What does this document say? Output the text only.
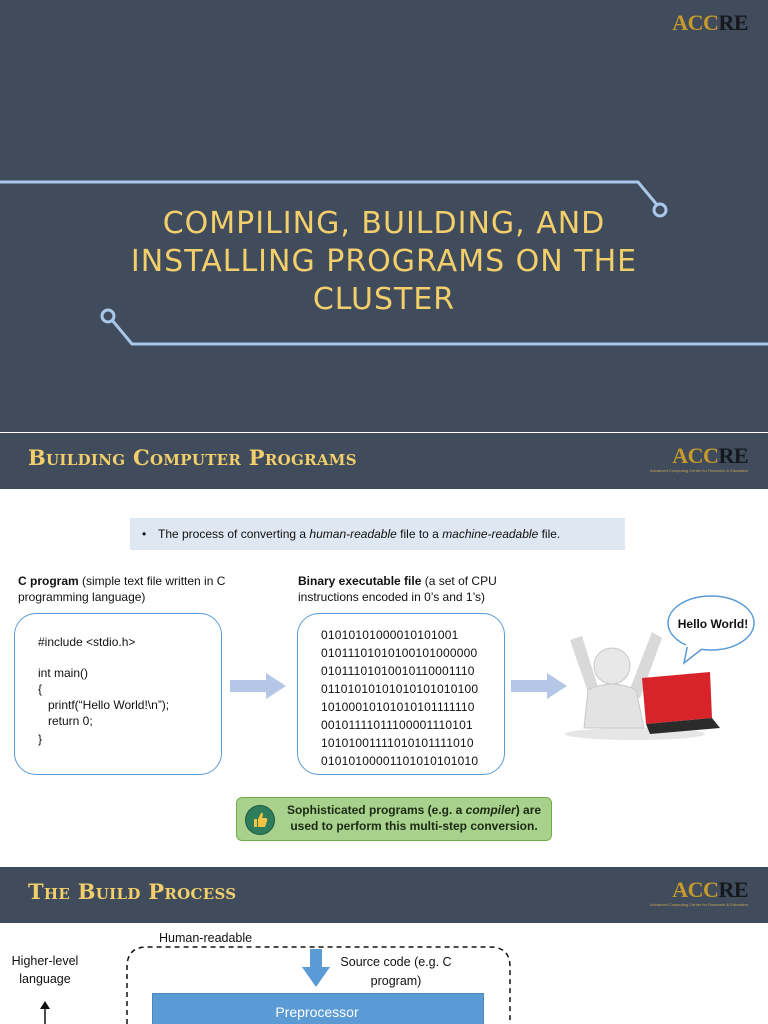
ACCRE
COMPILING, BUILDING, AND INSTALLING PROGRAMS ON THE CLUSTER
Building Computer Programs	ACCRE
Advanced Computing Center for Research & Education
• The process of converting a human-readable file to a machine-readable file.
C program (simple text file written in C programming language)
Binary executable file (a set of CPU instructions encoded in 0’s and 1’s)
#include <stdio.h>
int main()
{
printf(“Hello World!\n”);
return 0;
}
01010101000010101001
01011101010100101000000
01011101010010110001110
01101010101010101010100
10100010101010101111110
00101111011100001110101
10101001111010101111010
01010100001101010101010
Hello World!
Sophisticated programs (e.g. a compiler) are used to perform this multi-step conversion.
The Build Process	ACCRE
Advanced Computing Center for Research & Education
Human-readable
Higher-level language
Source code (e.g. C program)
Preprocessor
